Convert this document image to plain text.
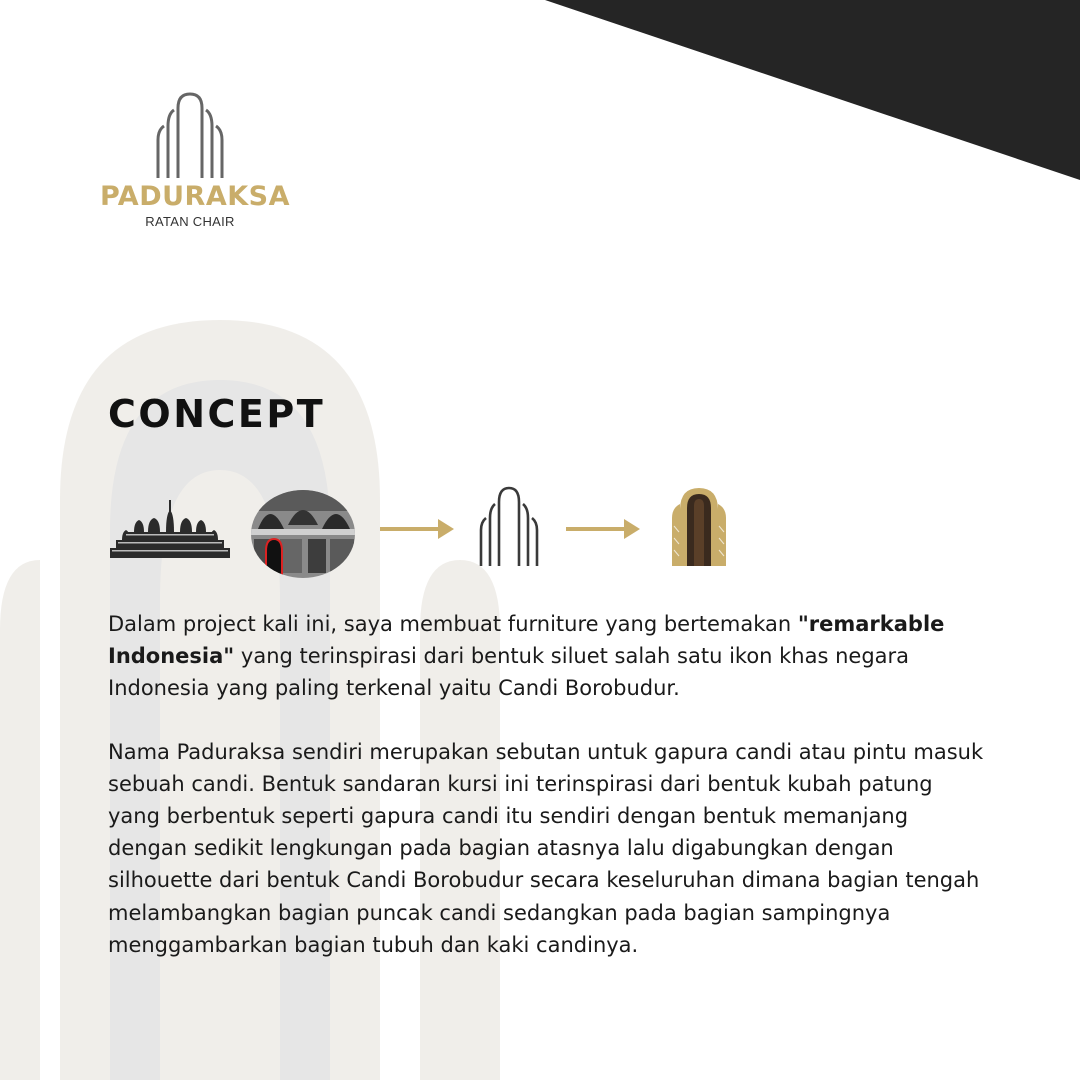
PADURAKSA
RATAN CHAIR
CONCEPT

Dalam project kali ini, saya membuat furniture yang bertemakan "remarkable Indonesia" yang terinspirasi dari bentuk siluet salah satu ikon khas negara Indonesia yang paling terkenal yaitu Candi Borobudur.

Nama Paduraksa sendiri merupakan sebutan untuk gapura candi atau pintu masuk sebuah candi. Bentuk sandaran kursi ini terinspirasi dari bentuk kubah patung yang berbentuk seperti gapura candi itu sendiri dengan bentuk memanjang dengan sedikit lengkungan pada bagian atasnya lalu digabungkan dengan silhouette dari bentuk Candi Borobudur secara keseluruhan dimana bagian tengah melambangkan bagian puncak candi sedangkan pada bagian sampingnya menggambarkan bagian tubuh dan kaki candinya.
